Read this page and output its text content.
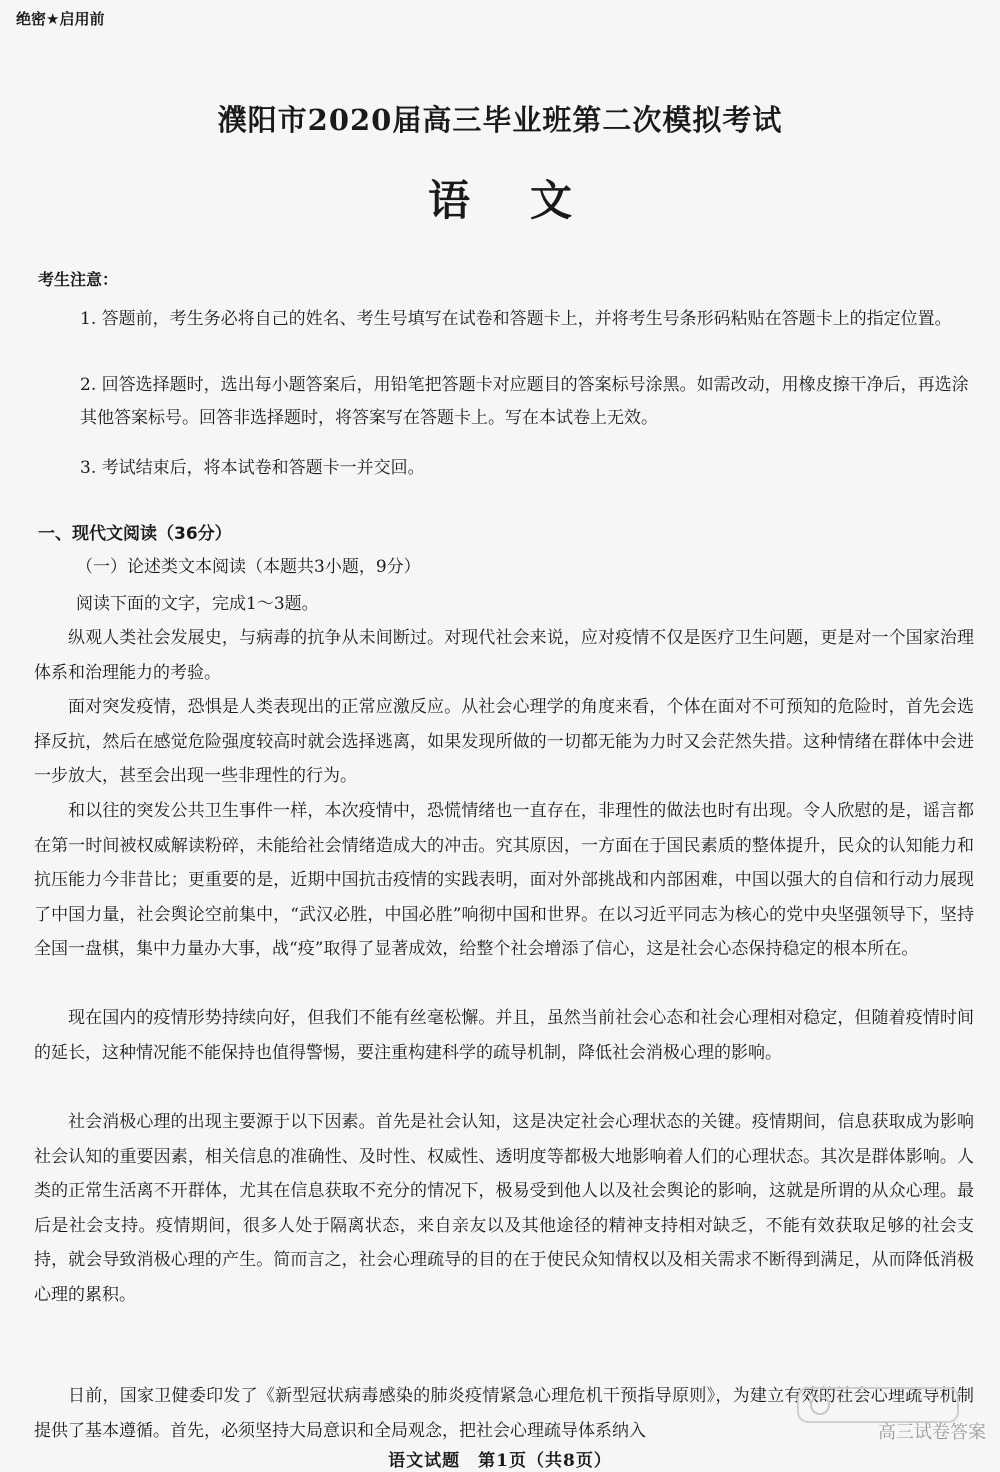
绝密★启用前
濮阳市2020届高三毕业班第二次模拟考试
语文
考生注意：
1. 答题前，考生务必将自己的姓名、考生号填写在试卷和答题卡上，并将考生号条形码粘贴在答题卡上的指定位置。
2. 回答选择题时，选出每小题答案后，用铅笔把答题卡对应题目的答案标号涂黑。如需改动，用橡皮擦干净后，再选涂其他答案标号。回答非选择题时，将答案写在答题卡上。写在本试卷上无效。
3. 考试结束后，将本试卷和答题卡一并交回。
一、现代文阅读（36分）
（一）论述类文本阅读（本题共3小题，9分）
阅读下面的文字，完成1～3题。
纵观人类社会发展史，与病毒的抗争从未间断过。对现代社会来说，应对疫情不仅是医疗卫生问题，更是对一个国家治理体系和治理能力的考验。
面对突发疫情，恐惧是人类表现出的正常应激反应。从社会心理学的角度来看，个体在面对不可预知的危险时，首先会选择反抗，然后在感觉危险强度较高时就会选择逃离，如果发现所做的一切都无能为力时又会茫然失措。这种情绪在群体中会进一步放大，甚至会出现一些非理性的行为。
和以往的突发公共卫生事件一样，本次疫情中，恐慌情绪也一直存在，非理性的做法也时有出现。令人欣慰的是，谣言都在第一时间被权威解读粉碎，未能给社会情绪造成大的冲击。究其原因，一方面在于国民素质的整体提升，民众的认知能力和抗压能力今非昔比；更重要的是，近期中国抗击疫情的实践表明，面对外部挑战和内部困难，中国以强大的自信和行动力展现了中国力量，社会舆论空前集中，“武汉必胜，中国必胜”响彻中国和世界。在以习近平同志为核心的党中央坚强领导下，坚持全国一盘棋，集中力量办大事，战“疫”取得了显著成效，给整个社会增添了信心，这是社会心态保持稳定的根本所在。
现在国内的疫情形势持续向好，但我们不能有丝毫松懈。并且，虽然当前社会心态和社会心理相对稳定，但随着疫情时间的延长，这种情况能不能保持也值得警惕，要注重构建科学的疏导机制，降低社会消极心理的影响。
社会消极心理的出现主要源于以下因素。首先是社会认知，这是决定社会心理状态的关键。疫情期间，信息获取成为影响社会认知的重要因素，相关信息的准确性、及时性、权威性、透明度等都极大地影响着人们的心理状态。其次是群体影响。人类的正常生活离不开群体，尤其在信息获取不充分的情况下，极易受到他人以及社会舆论的影响，这就是所谓的从众心理。最后是社会支持。疫情期间，很多人处于隔离状态，来自亲友以及其他途径的精神支持相对缺乏，不能有效获取足够的社会支持，就会导致消极心理的产生。简而言之，社会心理疏导的目的在于使民众知情权以及相关需求不断得到满足，从而降低消极心理的累积。
日前，国家卫健委印发了《新型冠状病毒感染的肺炎疫情紧急心理危机干预指导原则》，为建立有效的社会心理疏导机制提供了基本遵循。首先，必须坚持大局意识和全局观念，把社会心理疏导体系纳入	高三试卷答案
语文试题　第1页（共8页）
